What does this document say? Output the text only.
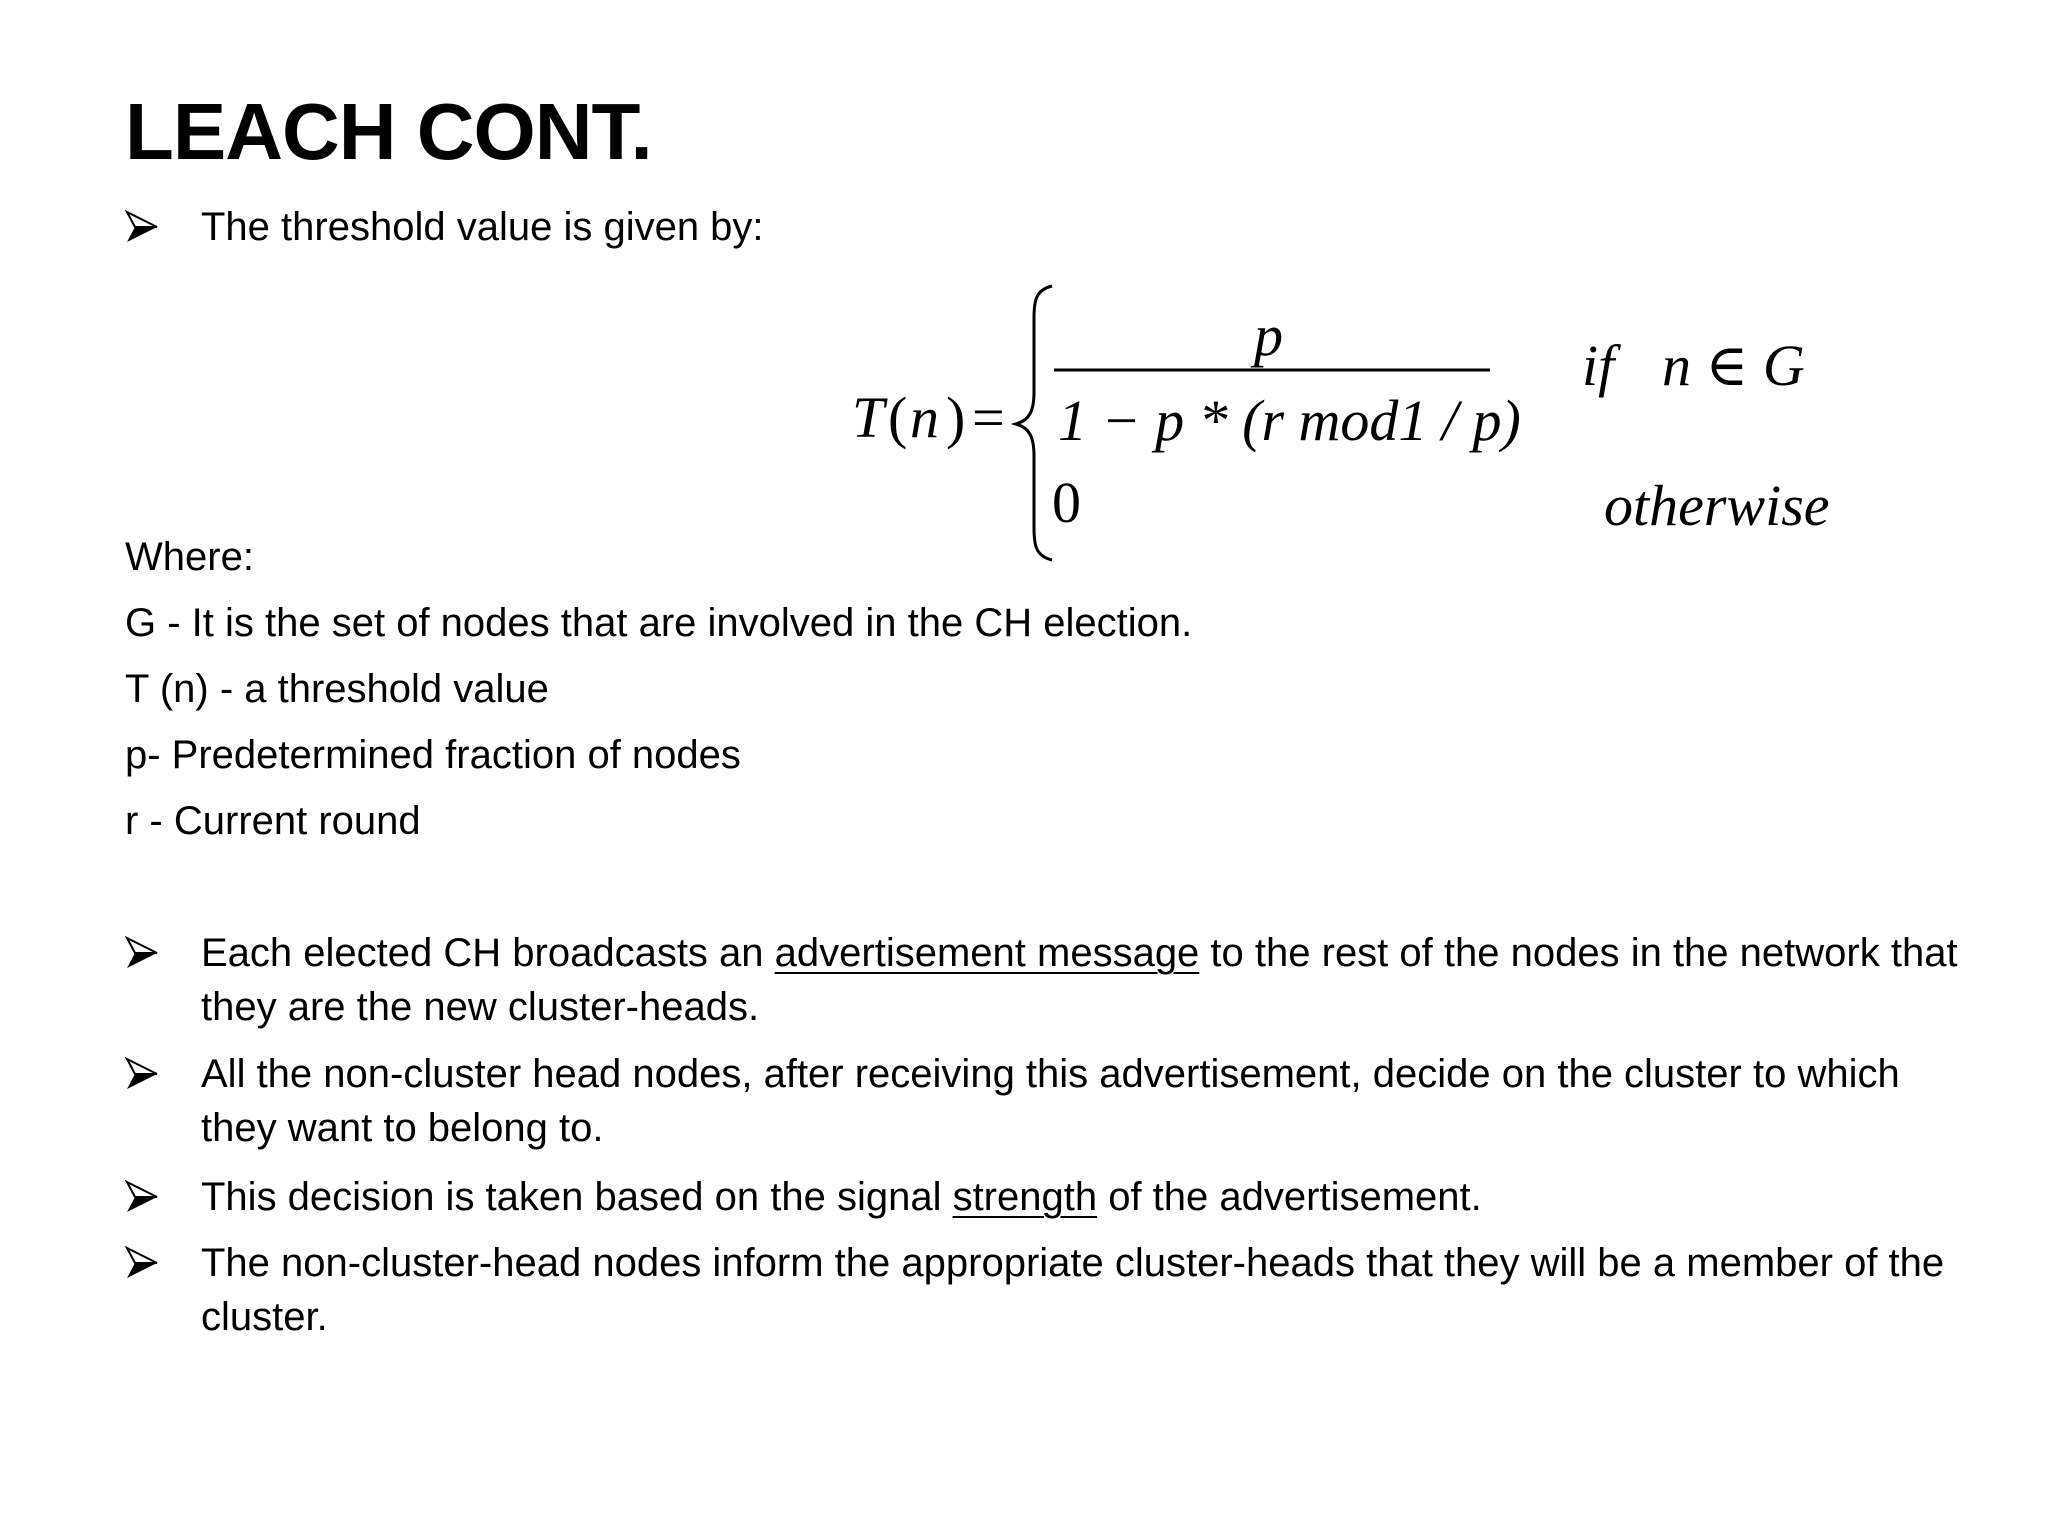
LEACH CONT.
The threshold value is given by:
T ( n ) =
p
1 − p * (r mod1 / p)
if n ∈ G
0	otherwise
Where:
G - It is the set of nodes that are involved in the CH election.
T (n) - a threshold value
p- Predetermined fraction of nodes
r - Current round
Each elected CH broadcasts an advertisement message to the rest of the nodes in the network that they are the new cluster-heads.
All the non-cluster head nodes, after receiving this advertisement, decide on the cluster to which they want to belong to.
This decision is taken based on the signal strength of the advertisement.
The non-cluster-head nodes inform the appropriate cluster-heads that they will be a member of the cluster.
